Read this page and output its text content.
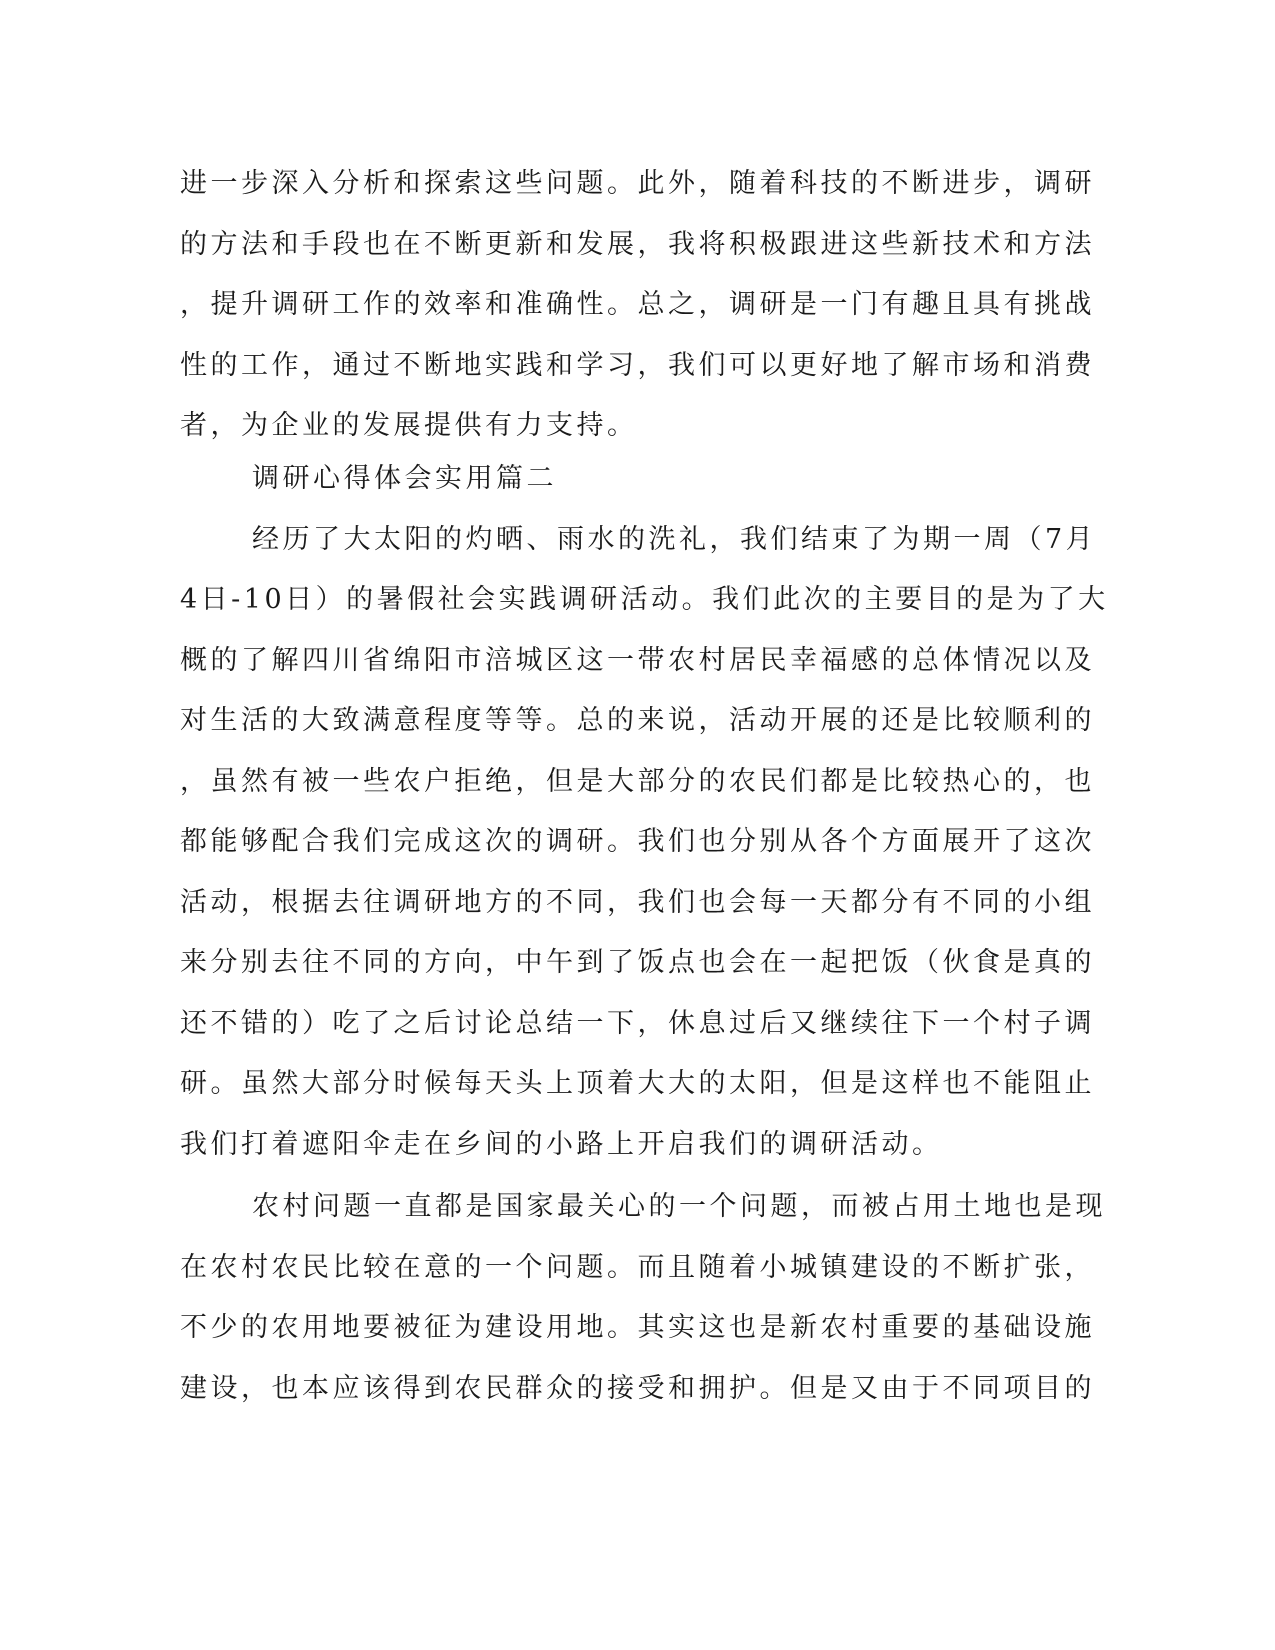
进一步深入分析和探索这些问题。此外，随着科技的不断进步，调研
的方法和手段也在不断更新和发展，我将积极跟进这些新技术和方法
，提升调研工作的效率和准确性。总之，调研是一门有趣且具有挑战
性的工作，通过不断地实践和学习，我们可以更好地了解市场和消费
者，为企业的发展提供有力支持。
调研心得体会实用篇二
经历了大太阳的灼晒、雨水的洗礼，我们结束了为期一周（7月
4日-10日）的暑假社会实践调研活动。我们此次的主要目的是为了大
概的了解四川省绵阳市涪城区这一带农村居民幸福感的总体情况以及
对生活的大致满意程度等等。总的来说，活动开展的还是比较顺利的
，虽然有被一些农户拒绝，但是大部分的农民们都是比较热心的，也
都能够配合我们完成这次的调研。我们也分别从各个方面展开了这次
活动，根据去往调研地方的不同，我们也会每一天都分有不同的小组
来分别去往不同的方向，中午到了饭点也会在一起把饭（伙食是真的
还不错的）吃了之后讨论总结一下，休息过后又继续往下一个村子调
研。虽然大部分时候每天头上顶着大大的太阳，但是这样也不能阻止
我们打着遮阳伞走在乡间的小路上开启我们的调研活动。
农村问题一直都是国家最关心的一个问题，而被占用土地也是现
在农村农民比较在意的一个问题。而且随着小城镇建设的不断扩张，
不少的农用地要被征为建设用地。其实这也是新农村重要的基础设施
建设，也本应该得到农民群众的接受和拥护。但是又由于不同项目的
